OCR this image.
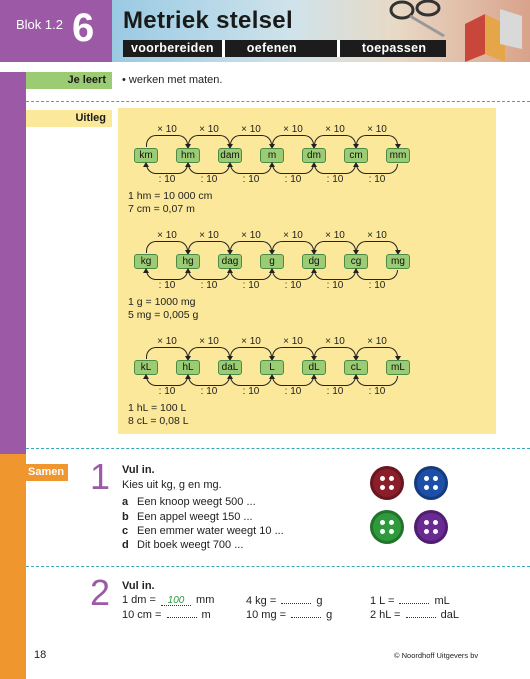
Blok 1.2 6 Metriek stelsel
voorbereiden	oefenen	toepassen
Je leert	• werken met maten.
Uitleg
km
× 10
: 10
hm
× 10
: 10
dam
× 10
: 10
m
× 10
: 10
dm
× 10
: 10
cm
× 10
: 10
mm
1 hm = 10 000 cm
7 cm = 0,07 m
kg
× 10
: 10
hg
× 10
: 10
dag
× 10
: 10
g
× 10
: 10
dg
× 10
: 10
cg
× 10
: 10
mg
1 g = 1000 mg
5 mg = 0,005 g
kL
× 10
: 10
hL
× 10
: 10
daL
× 10
: 10
L
× 10
: 10
dL
× 10
: 10
cL
× 10
: 10
mL
1 hL = 100 L
8 cL = 0,08 L
Samen 1 Vul in.
Kies uit kg, g en mg.
a Een knoop weegt 500 ...
b Een appel weegt 150 ...
c Een emmer water weegt 10 ...
d Dit boek weegt 700 ...
2 Vul in.
1 dm = 100 mm	4 kg =	g	1 L =	mL
10 cm =	m	10 mg =	g	2 hL =	daL
18	© Noordhoff Uitgevers bv
